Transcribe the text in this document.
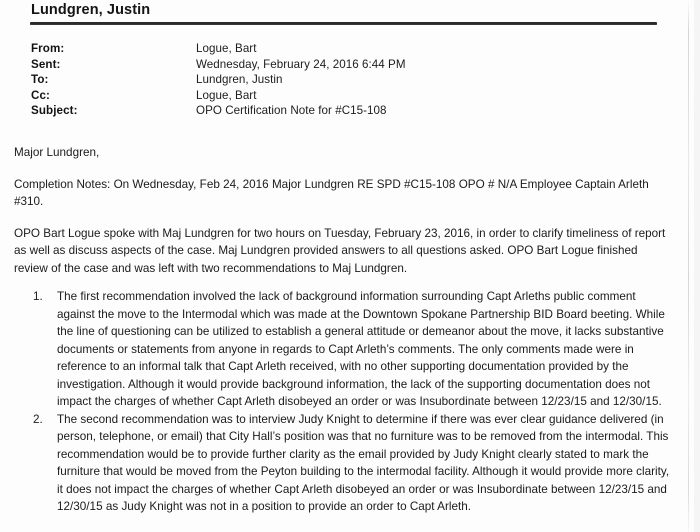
Lundgren, Justin
From:	Logue, Bart
Sent:	Wednesday, February 24, 2016 6:44 PM
To:	Lundgren, Justin
Cc:	Logue, Bart
Subject:	OPO Certification Note for #C15-108

Major Lundgren,

Completion Notes: On Wednesday, Feb 24, 2016 Major Lundgren RE SPD #C15-108 OPO # N/A Employee Captain Arleth #310.

OPO Bart Logue spoke with Maj Lundgren for two hours on Tuesday, February 23, 2016, in order to clarify timeliness of report as well as discuss aspects of the case. Maj Lundgren provided answers to all questions asked. OPO Bart Logue finished review of the case and was left with two recommendations to Maj Lundgren.

1.	The first recommendation involved the lack of background information surrounding Capt Arleths public comment against the move to the Intermodal which was made at the Downtown Spokane Partnership BID Board beeting. While the line of questioning can be utilized to establish a general attitude or demeanor about the move, it lacks substantive documents or statements from anyone in regards to Capt Arleth’s comments. The only comments made were in reference to an informal talk that Capt Arleth received, with no other supporting documentation provided by the investigation. Although it would provide background information, the lack of the supporting documentation does not impact the charges of whether Capt Arleth disobeyed an order or was Insubordinate between 12/23/15 and 12/30/15.
2.	The second recommendation was to interview Judy Knight to determine if there was ever clear guidance delivered (in person, telephone, or email) that City Hall’s position was that no furniture was to be removed from the intermodal. This recommendation would be to provide further clarity as the email provided by Judy Knight clearly stated to mark the furniture that would be moved from the Peyton building to the intermodal facility. Although it would provide more clarity, it does not impact the charges of whether Capt Arleth disobeyed an order or was Insubordinate between 12/23/15 and 12/30/15 as Judy Knight was not in a position to provide an order to Capt Arleth.
